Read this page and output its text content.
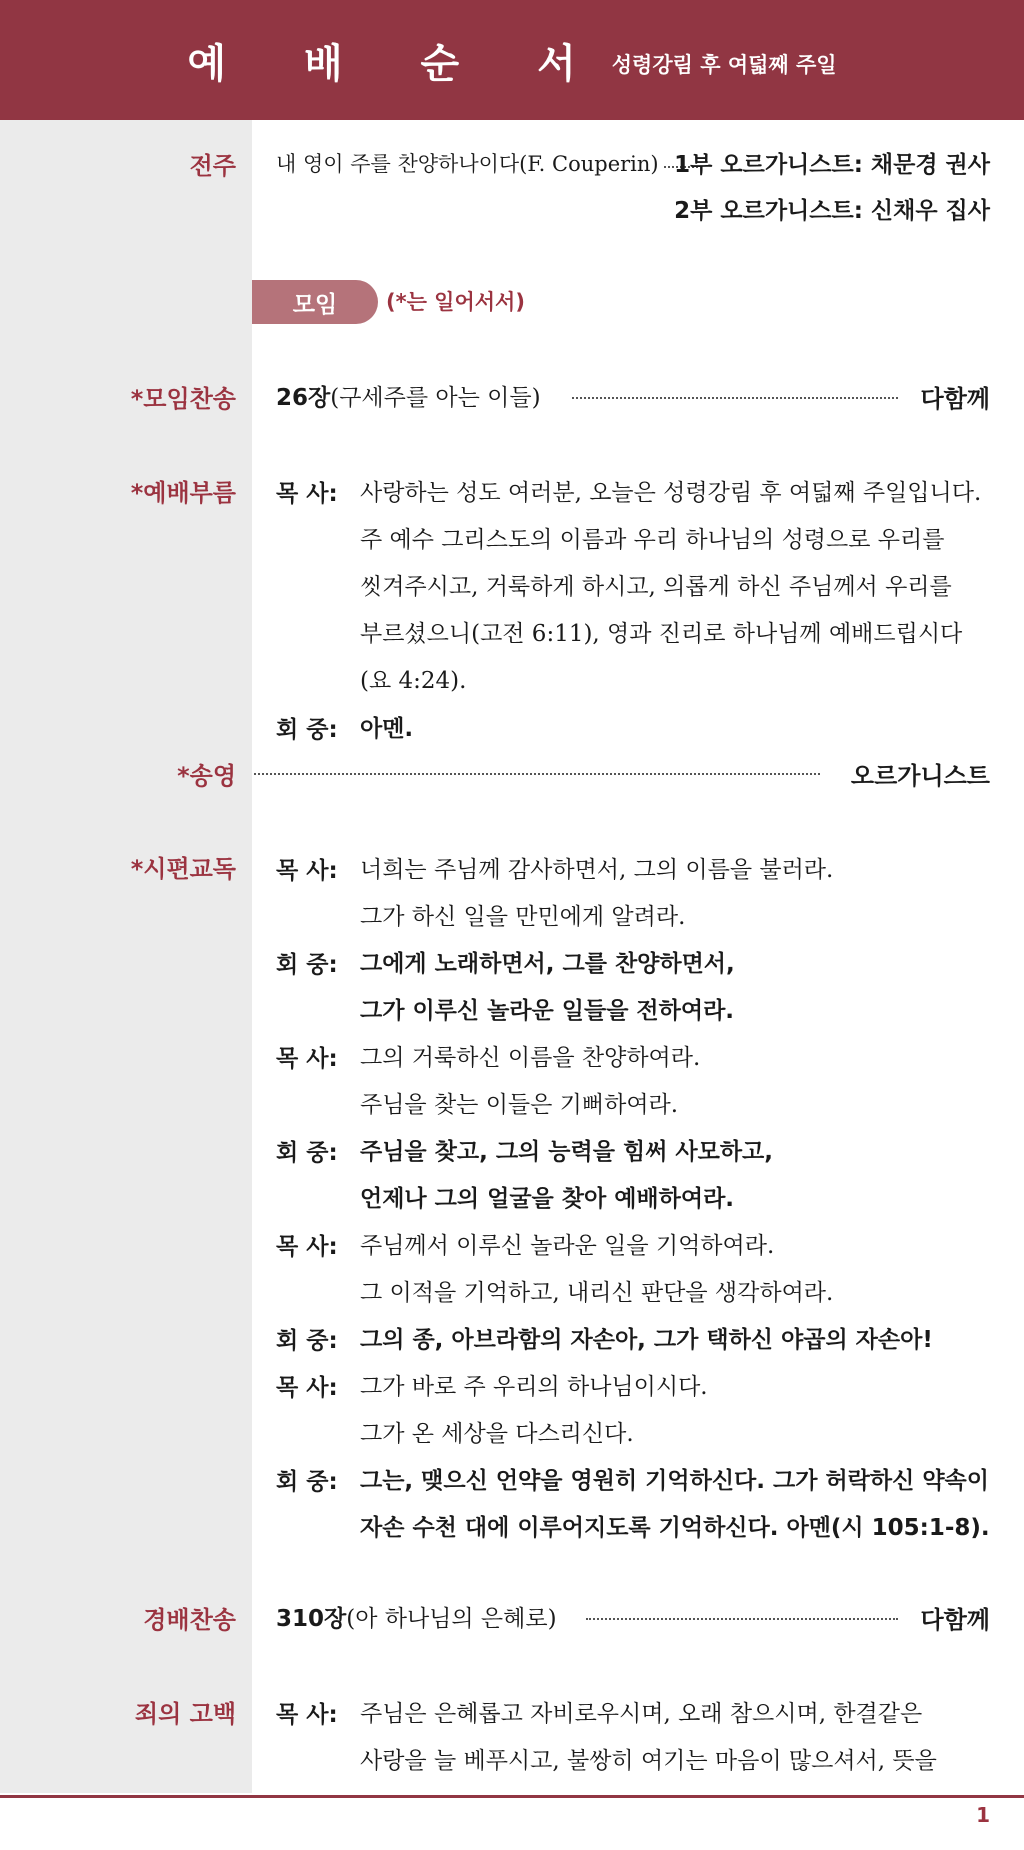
예 배 순 서 성령강림 후 여덟째 주일
전주 내 영이 주를 찬양하나이다(F. Couperin) 1부 오르가니스트: 채문경 권사
2부 오르가니스트: 신채우 집사
모임	(*는 일어서서)
*모임찬송 26장(구세주를 아는 이들)	다함께
*예배부름 목 사: 사랑하는 성도 여러분, 오늘은 성령강림 후 여덟째 주일입니다.
주 예수 그리스도의 이름과 우리 하나님의 성령으로 우리를
씻겨주시고, 거룩하게 하시고, 의롭게 하신 주님께서 우리를
부르셨으니(고전 6:11), 영과 진리로 하나님께 예배드립시다
(요 4:24).
회 중: 아멘.
*송영	오르가니스트
*시편교독 목 사: 너희는 주님께 감사하면서, 그의 이름을 불러라.
그가 하신 일을 만민에게 알려라.
회 중: 그에게 노래하면서, 그를 찬양하면서,
그가 이루신 놀라운 일들을 전하여라.
목 사: 그의 거룩하신 이름을 찬양하여라.
주님을 찾는 이들은 기뻐하여라.
회 중: 주님을 찾고, 그의 능력을 힘써 사모하고,
언제나 그의 얼굴을 찾아 예배하여라.
목 사: 주님께서 이루신 놀라운 일을 기억하여라.
그 이적을 기억하고, 내리신 판단을 생각하여라.
회 중: 그의 종, 아브라함의 자손아, 그가 택하신 야곱의 자손아!
목 사: 그가 바로 주 우리의 하나님이시다.
그가 온 세상을 다스리신다.
회 중: 그는, 맺으신 언약을 영원히 기억하신다. 그가 허락하신 약속이
자손 수천 대에 이루어지도록 기억하신다. 아멘(시 105:1-8).
경배찬송 310장(아 하나님의 은혜로)	다함께
죄의 고백 목 사: 주님은 은혜롭고 자비로우시며, 오래 참으시며, 한결같은
사랑을 늘 베푸시고, 불쌍히 여기는 마음이 많으셔서, 뜻을
1
